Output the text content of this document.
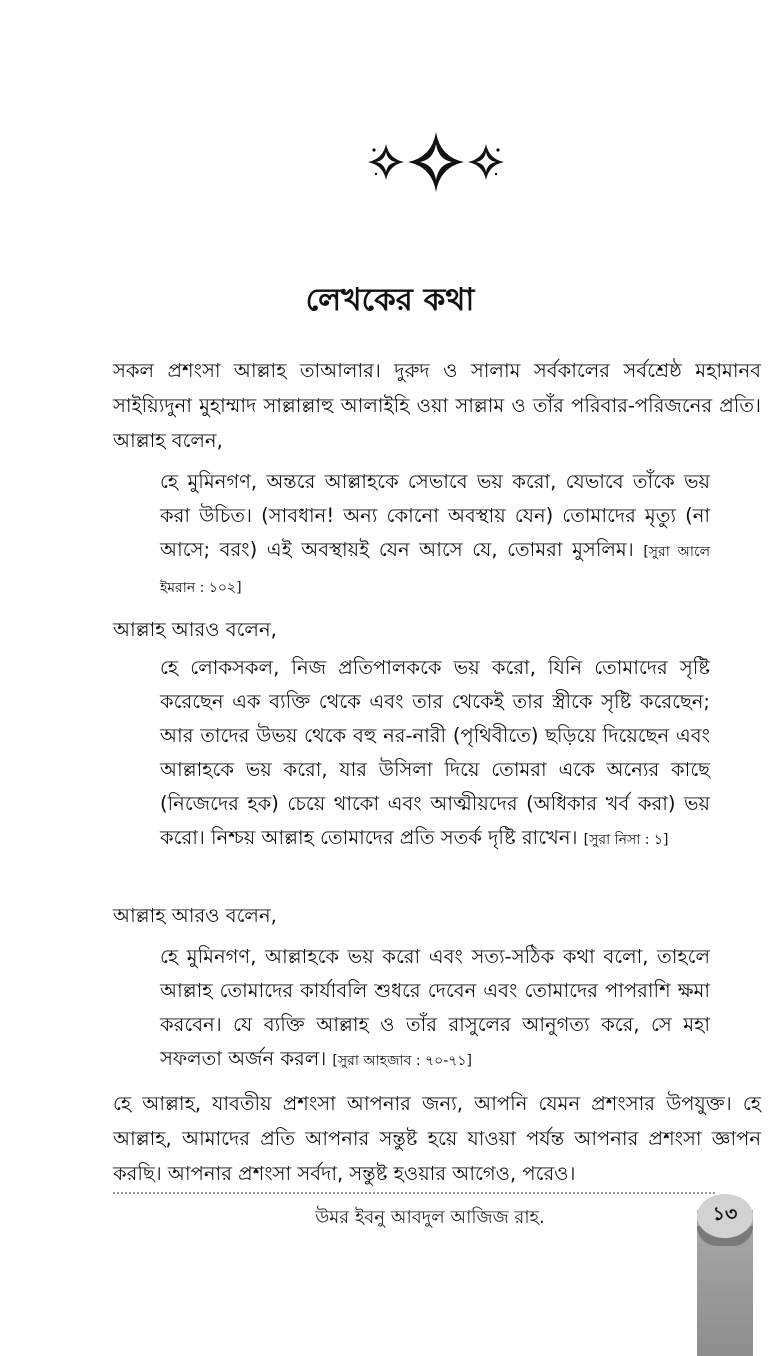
লেখকের কথা

সকল প্রশংসা আল্লাহ তাআলার। দুরুদ ও সালাম সর্বকালের সর্বশ্রেষ্ঠ মহামানব সাইয়্যিদুনা মুহাম্মাদ সাল্লাল্লাহু আলাইহি ওয়া সাল্লাম ও তাঁর পরিবার-পরিজনের প্রতি। আল্লাহ বলেন,

হে মুমিনগণ, অন্তরে আল্লাহকে সেভাবে ভয় করো, যেভাবে তাঁকে ভয় করা উচিত। (সাবধান! অন্য কোনো অবস্থায় যেন) তোমাদের মৃত্যু (না আসে; বরং) এই অবস্থায়ই যেন আসে যে, তোমরা মুসলিম। [সুরা আলে ইমরান : ১০২]

আল্লাহ আরও বলেন,

হে লোকসকল, নিজ প্রতিপালককে ভয় করো, যিনি তোমাদের সৃষ্টি করেছেন এক ব্যক্তি থেকে এবং তার থেকেই তার স্ত্রীকে সৃষ্টি করেছেন; আর তাদের উভয় থেকে বহু নর-নারী (পৃথিবীতে) ছড়িয়ে দিয়েছেন এবং আল্লাহকে ভয় করো, যার উসিলা দিয়ে তোমরা একে অন্যের কাছে (নিজেদের হক) চেয়ে থাকো এবং আত্মীয়দের (অধিকার খর্ব করা) ভয় করো। নিশ্চয় আল্লাহ তোমাদের প্রতি সতর্ক দৃষ্টি রাখেন। [সুরা নিসা : ১]

আল্লাহ আরও বলেন,

হে মুমিনগণ, আল্লাহকে ভয় করো এবং সত্য-সঠিক কথা বলো, তাহলে আল্লাহ তোমাদের কার্যাবলি শুধরে দেবেন এবং তোমাদের পাপরাশি ক্ষমা করবেন। যে ব্যক্তি আল্লাহ ও তাঁর রাসুলের আনুগত্য করে, সে মহা সফলতা অর্জন করল। [সুরা আহজাব : ৭০-৭১]

হে আল্লাহ, যাবতীয় প্রশংসা আপনার জন্য, আপনি যেমন প্রশংসার উপযুক্ত। হে আল্লাহ, আমাদের প্রতি আপনার সন্তুষ্ট হয়ে যাওয়া পর্যন্ত আপনার প্রশংসা জ্ঞাপন করছি। আপনার প্রশংসা সর্বদা, সন্তুষ্ট হওয়ার আগেও, পরেও।

উমর ইবনু আবদুল আজিজ রাহ.	১৩
